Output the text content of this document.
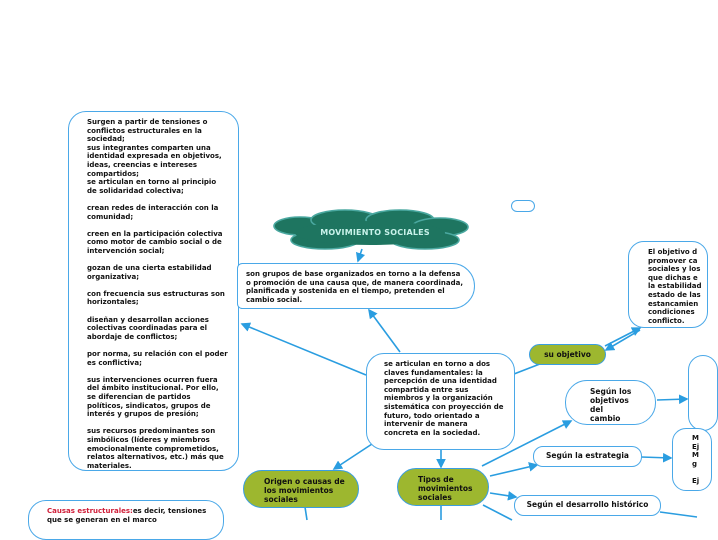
MOVIMIENTO SOCIALES
Surgen a partir de tensiones o conflictos estructurales en la sociedad;
sus integrantes comparten una identidad expresada en objetivos, ideas, creencias e intereses compartidos;
se articulan en torno al principio de solidaridad colectiva;
crean redes de interacción con la comunidad;
creen en la participación colectiva como motor de cambio social o de intervención social;
gozan de una cierta estabilidad organizativa;
con frecuencia sus estructuras son horizontales;
diseñan y desarrollan acciones colectivas coordinadas para el abordaje de conflictos;
por norma, su relación con el poder es conflictiva;
sus intervenciones ocurren fuera del ámbito institucional. Por ello, se diferencian de partidos políticos, sindicatos, grupos de interés y grupos de presión;
sus recursos predominantes son simbólicos (líderes y miembros emocionalmente comprometidos, relatos alternativos, etc.) más que materiales.
son grupos de base organizados en torno a la defensa o promoción de una causa que, de manera coordinada, planificada y sostenida en el tiempo, pretenden el cambio social.
se articulan en torno a dos claves fundamentales: la percepción de una identidad compartida entre sus miembros y la organización sistemática con proyección de futuro, todo orientado a intervenir de manera concreta en la sociedad.
El objetivo d
promover ca
sociales y los
que dichas e
la estabilidad
estado de las
estancamien
condiciones
conflicto.
su objetivo
Según los objetivos del cambio
Según la estrategia
M
Ej
M
g
Ej
Según el desarrollo histórico
Tipos de movimientos sociales
Origen o causas de los movimientos sociales
Causas estructurales:es decir, tensiones que se generan en el marco
